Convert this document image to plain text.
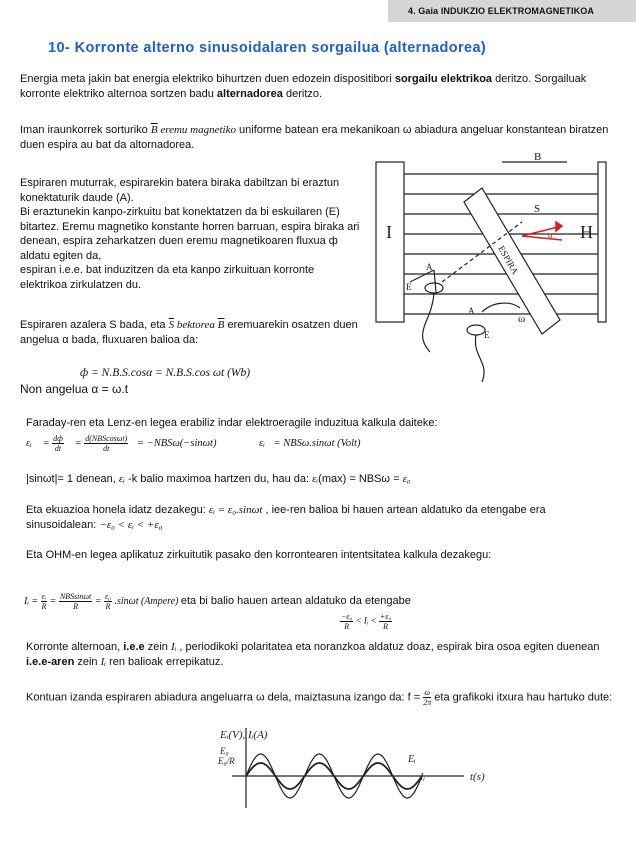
4. Gaia INDUKZIO ELEKTROMAGNETIKOA
10- Korronte alterno sinusoidalaren sorgailua (alternadorea)
Energia meta jakin bat energia elektriko bihurtzen duen edozein dispositibori sorgailu elektrikoa deritzo. Sorgailuak korronte elektriko alternoa sortzen badu alternadorea deritzo.
Iman iraunkorrek sorturiko $\overline{B}$ eremu magnetiko uniforme batean era mekanikoan ω abiadura angeluar konstantean biratzen duen espira au bat da altornadorea.
Espiraren muturrak, espirarekin batera biraka dabiltzan bi eraztun konektaturik daude (A).
Bi eraztunekin kanpo-zirkuitu bat konektatzen da bi eskuilaren (E) bitartez. Eremu magnetiko konstante horren barruan, espira biraka ari denean, espira zeharkatzen duen eremu magnetikoaren fluxua ф aldatu egiten da,
espiran i.e.e. bat induzitzen da eta kanpo zirkuituan korronte elektrikoa zirkulatzen du.
Espiraren azalera S bada, eta $\overline{S}$ bektorea $\overline{B}$ eremuarekin osatzen duen angelua α bada, fluxuaren balioa da:
ф = N.B.S.cosα = N.B.S.cos ωt (Wb)
Non angelua α = ω.t
Faraday-ren eta Lenz-en legea erabiliz indar elektroeragile induzitua kalkula daiteke:
εᵢ = $\frac{dф}{dt} = \frac{\text{d(NBScosωt)}}{dt} = -NBS\omega(-\sin\omega t)$	εᵢ = NBSω.sinωt (Volt)
|sinωt|= 1 denean, εᵢ -k balio maximoa hartzen du, hau da: εᵢ(max) = NBSω = ε₀
Eta ekuazioa honela idatz dezakegu: εᵢ = ε₀.sinωt , iee-ren balioa bi hauen artean aldatuko da etengabe era sinusoidalean: −ε₀ < εᵢ < +ε₀
Eta OHM-en legea aplikatuz zirkuitutik pasako den korrontearen intentsitatea kalkula dezakegu:
Iᵢ = $\frac{\text{εᵢ}}{R} = \frac{\text{NBSsinωt}}{R} = \frac{\text{ε₀}}{R} .\sin\omega t$ (Ampere) eta bi balio hauen artean aldatuko da etengabe
$\frac{\text{−ε₀}}{R}$ < Iᵢ < $\frac{\text{+ε₀}}{R}$
Korronte alternoan, i.e.e zein Iᵢ , periodikoki polaritatea eta noranzkoa aldatuz doaz, espirak bira osoa egiten duenean i.e.e-aren zein Iᵢ ren balioak errepikatuz.
Kontuan izanda espiraren abiadura angeluarra ω dela, maiztasuna izango da: $f = \frac{\omega}{2\pi}$ eta grafikoki itxura hau hartuko dute:
I	H
ESPIRA
B
S
α
ω
A
A
E
E
Eᵢ(V), Iᵢ(A)
E₀
E₀/R	Eᵢ
Iᵢ	t(s)
